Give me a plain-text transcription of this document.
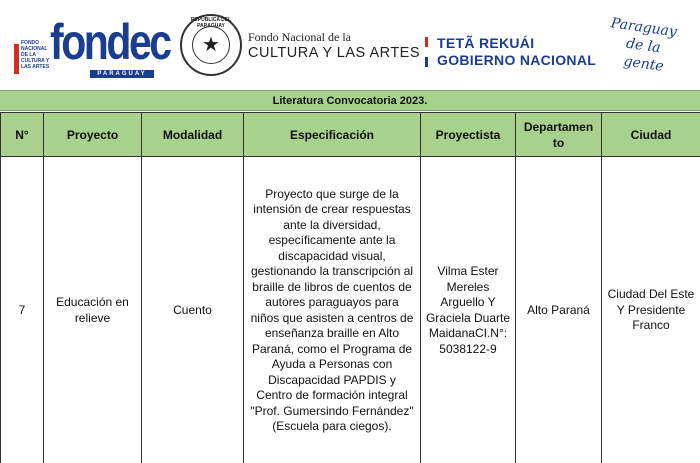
FONDO NACIONAL DE LA CULTURA Y LAS ARTES fondec
PARAGUAY
REPÚBLICA DEL PARAGUAY
★	Fondo Nacional de la
CULTURA Y LAS ARTES
TETÃ REKUÁI
GOBIERNO NACIONAL
Paraguay
de la gente
Literatura Convocatoria 2023.
N°	Proyecto	Modalidad	Especificación	Proyectista	Departamen to	Ciudad
7	Educación en relieve	Cuento	Proyecto que surge de la intensión de crear respuestas ante la diversidad, específicamente ante la discapacidad visual, gestionando la transcripción al braille de libros de cuentos de autores paraguayos para niños que asisten a centros de enseñanza braille en Alto Paraná, como el Programa de Ayuda a Personas con Discapacidad PAPDIS y Centro de formación integral "Prof. Gumersindo Fernández" (Escuela para ciegos).	Vilma Ester Mereles Arguello Y Graciela Duarte MaidanaCI.N°: 5038122-9	Alto Paraná	Ciudad Del Este Y Presidente Franco
